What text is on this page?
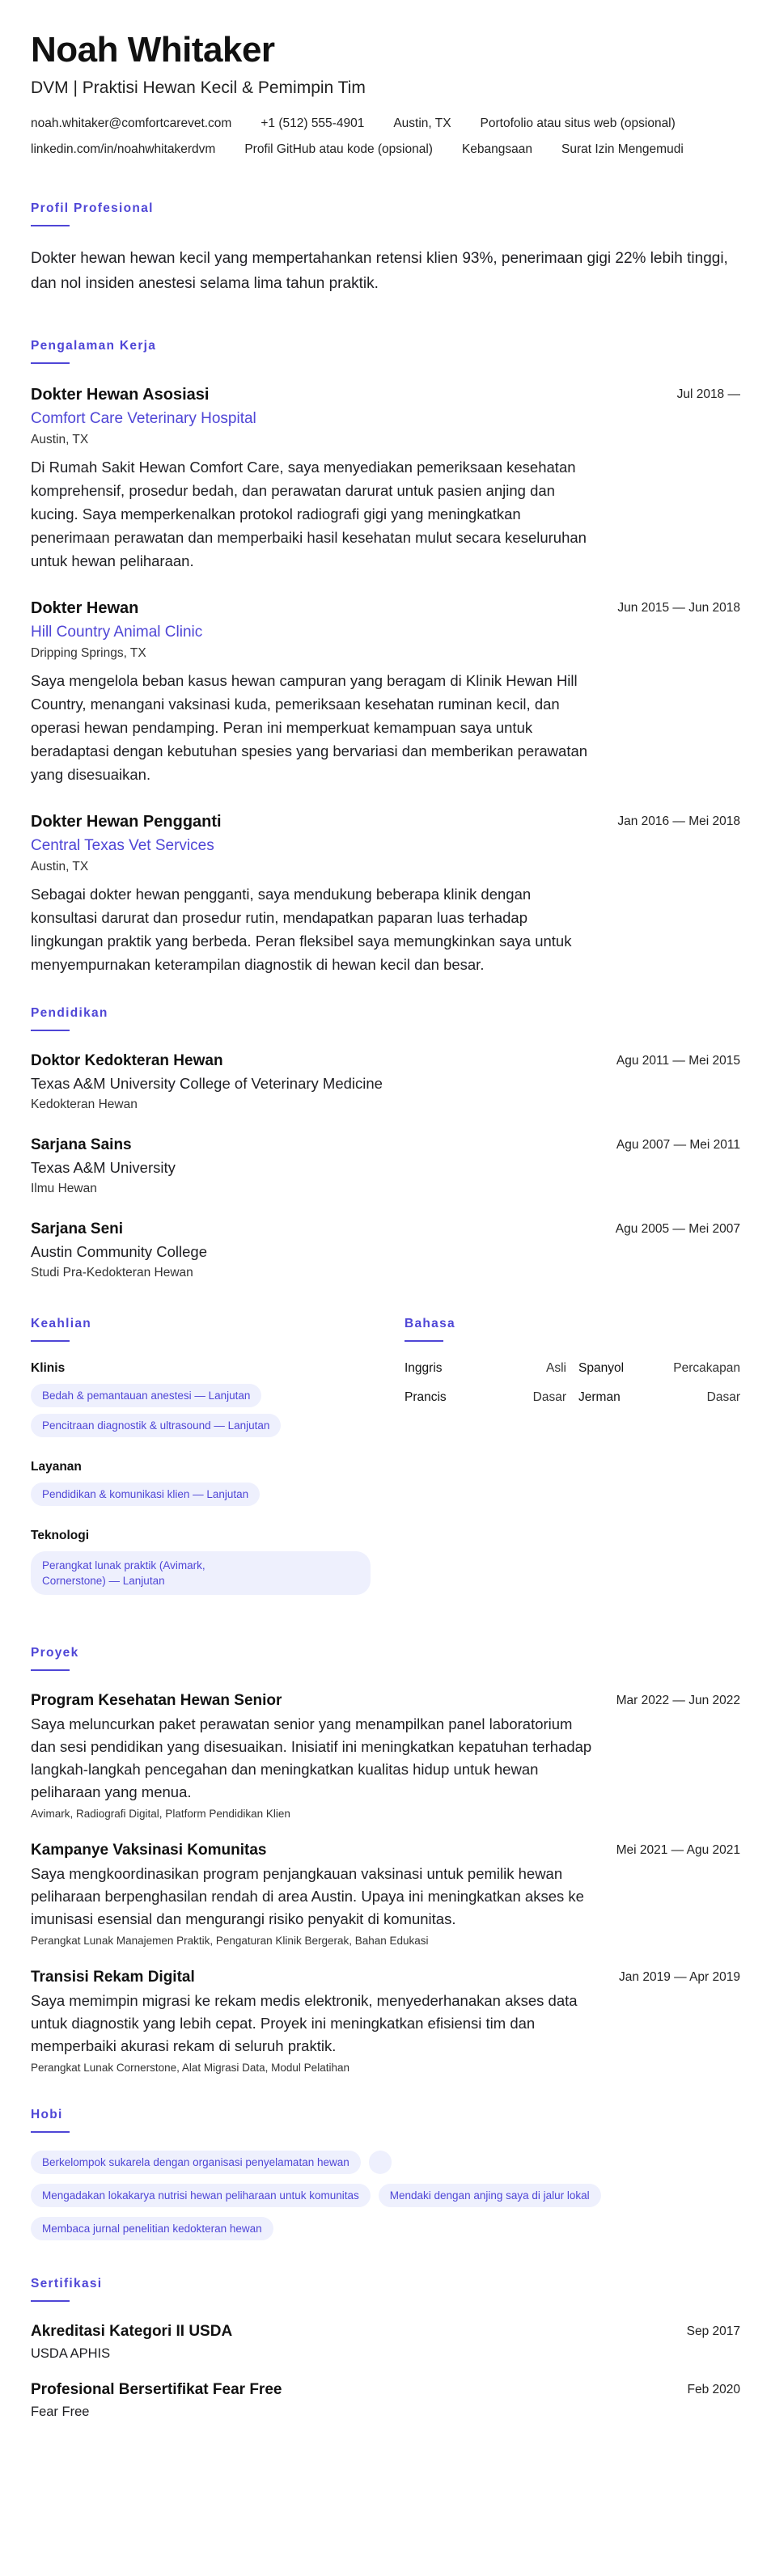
Noah Whitaker
DVM | Praktisi Hewan Kecil & Pemimpin Tim
noah.whitaker@comfortcarevet.com +1 (512) 555-4901 Austin, TX Portofolio atau situs web (opsional)
linkedin.com/in/noahwhitakerdvm Profil GitHub atau kode (opsional) Kebangsaan Surat Izin Mengemudi
Profil Profesional

Dokter hewan hewan kecil yang mempertahankan retensi klien 93%, penerimaan gigi 22% lebih tinggi, dan nol insiden anestesi selama lima tahun praktik.

Pengalaman Kerja
Dokter Hewan Asosiasi
Comfort Care Veterinary Hospital
Austin, TX
Jul 2018 —

Di Rumah Sakit Hewan Comfort Care, saya menyediakan pemeriksaan kesehatan komprehensif, prosedur bedah, dan perawatan darurat untuk pasien anjing dan kucing. Saya memperkenalkan protokol radiografi gigi yang meningkatkan penerimaan perawatan dan memperbaiki hasil kesehatan mulut secara keseluruhan untuk hewan peliharaan.

Dokter Hewan
Hill Country Animal Clinic
Dripping Springs, TX
Jun 2015 — Jun 2018

Saya mengelola beban kasus hewan campuran yang beragam di Klinik Hewan Hill Country, menangani vaksinasi kuda, pemeriksaan kesehatan ruminan kecil, dan operasi hewan pendamping. Peran ini memperkuat kemampuan saya untuk beradaptasi dengan kebutuhan spesies yang bervariasi dan memberikan perawatan yang disesuaikan.

Dokter Hewan Pengganti
Central Texas Vet Services
Austin, TX
Jan 2016 — Mei 2018

Sebagai dokter hewan pengganti, saya mendukung beberapa klinik dengan konsultasi darurat dan prosedur rutin, mendapatkan paparan luas terhadap lingkungan praktik yang berbeda. Peran fleksibel saya memungkinkan saya untuk menyempurnakan keterampilan diagnostik di hewan kecil dan besar.

Pendidikan
Doktor Kedokteran Hewan
Texas A&M University College of Veterinary Medicine
Kedokteran Hewan
Agu 2011 — Mei 2015
Sarjana Sains
Texas A&M University
Ilmu Hewan
Agu 2007 — Mei 2011
Sarjana Seni
Austin Community College
Studi Pra-Kedokteran Hewan
Agu 2005 — Mei 2007
Keahlian
Klinis
Bedah & pemantauan anestesi — Lanjutan
Pencitraan diagnostik & ultrasound — Lanjutan
Layanan
Pendidikan & komunikasi klien — Lanjutan
Teknologi
Perangkat lunak praktik (Avimark, Cornerstone) — Lanjutan
Bahasa
Inggris	Asli Spanyol	Percakapan
Prancis	Dasar Jerman	Dasar
Proyek
Program Kesehatan Hewan Senior	Mar 2022 — Jun 2022

Saya meluncurkan paket perawatan senior yang menampilkan panel laboratorium dan sesi pendidikan yang disesuaikan. Inisiatif ini meningkatkan kepatuhan terhadap langkah-langkah pencegahan dan meningkatkan kualitas hidup untuk hewan peliharaan yang menua.

Avimark, Radiografi Digital, Platform Pendidikan Klien
Kampanye Vaksinasi Komunitas	Mei 2021 — Agu 2021

Saya mengkoordinasikan program penjangkauan vaksinasi untuk pemilik hewan peliharaan berpenghasilan rendah di area Austin. Upaya ini meningkatkan akses ke imunisasi esensial dan mengurangi risiko penyakit di komunitas.

Perangkat Lunak Manajemen Praktik, Pengaturan Klinik Bergerak, Bahan Edukasi
Transisi Rekam Digital	Jan 2019 — Apr 2019

Saya memimpin migrasi ke rekam medis elektronik, menyederhanakan akses data untuk diagnostik yang lebih cepat. Proyek ini meningkatkan efisiensi tim dan memperbaiki akurasi rekam di seluruh praktik.

Perangkat Lunak Cornerstone, Alat Migrasi Data, Modul Pelatihan
Hobi
Berkelompok sukarela dengan organisasi penyelamatan hewan
Mengadakan lokakarya nutrisi hewan peliharaan untuk komunitas	Mendaki dengan anjing saya di jalur lokal
Membaca jurnal penelitian kedokteran hewan
Sertifikasi
Akreditasi Kategori II USDA
USDA APHIS
Sep 2017
Profesional Bersertifikat Fear Free
Fear Free
Feb 2020
